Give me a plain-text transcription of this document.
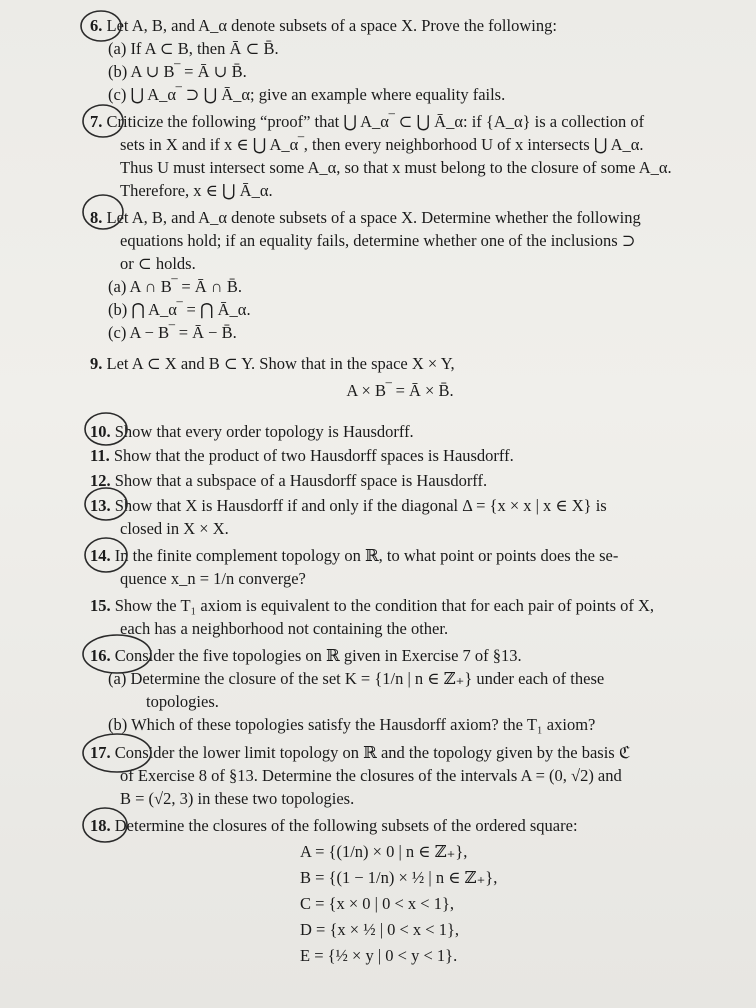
6. Let A, B, and A_α denote subsets of a space X. Prove the following:
(a) If A ⊂ B, then Ā ⊂ B̄.
(b) A ∪ B‾ = Ā ∪ B̄.
(c) ⋃ A_α‾ ⊃ ⋃ Ā_α; give an example where equality fails.
7. Criticize the following “proof” that ⋃ A_α‾ ⊂ ⋃ Ā_α: if {A_α} is a collection of
sets in X and if x ∈ ⋃ A_α‾, then every neighborhood U of x intersects ⋃ A_α.
Thus U must intersect some A_α, so that x must belong to the closure of some A_α.
Therefore, x ∈ ⋃ Ā_α.
8. Let A, B, and A_α denote subsets of a space X. Determine whether the following
equations hold; if an equality fails, determine whether one of the inclusions ⊃
or ⊂ holds.
(a) A ∩ B‾ = Ā ∩ B̄.
(b) ⋂ A_α‾ = ⋂ Ā_α.
(c) A − B‾ = Ā − B̄.
9. Let A ⊂ X and B ⊂ Y. Show that in the space X × Y,
A × B‾ = Ā × B̄.
10. Show that every order topology is Hausdorff.
11. Show that the product of two Hausdorff spaces is Hausdorff.
12. Show that a subspace of a Hausdorff space is Hausdorff.
13. Show that X is Hausdorff if and only if the diagonal Δ = {x × x | x ∈ X} is
closed in X × X.
14. In the finite complement topology on ℝ, to what point or points does the se-
quence x_n = 1/n converge?
15. Show the T₁ axiom is equivalent to the condition that for each pair of points of X,
each has a neighborhood not containing the other.
16. Consider the five topologies on ℝ given in Exercise 7 of §13.
(a) Determine the closure of the set K = {1/n | n ∈ ℤ₊} under each of these
topologies.
(b) Which of these topologies satisfy the Hausdorff axiom? the T₁ axiom?
17. Consider the lower limit topology on ℝ and the topology given by the basis ℭ
of Exercise 8 of §13. Determine the closures of the intervals A = (0, √2) and
B = (√2, 3) in these two topologies.
18. Determine the closures of the following subsets of the ordered square:
A = {(1/n) × 0 | n ∈ ℤ₊},
B = {(1 − 1/n) × ½ | n ∈ ℤ₊},
C = {x × 0 | 0 < x < 1},
D = {x × ½ | 0 < x < 1},
E = {½ × y | 0 < y < 1}.
